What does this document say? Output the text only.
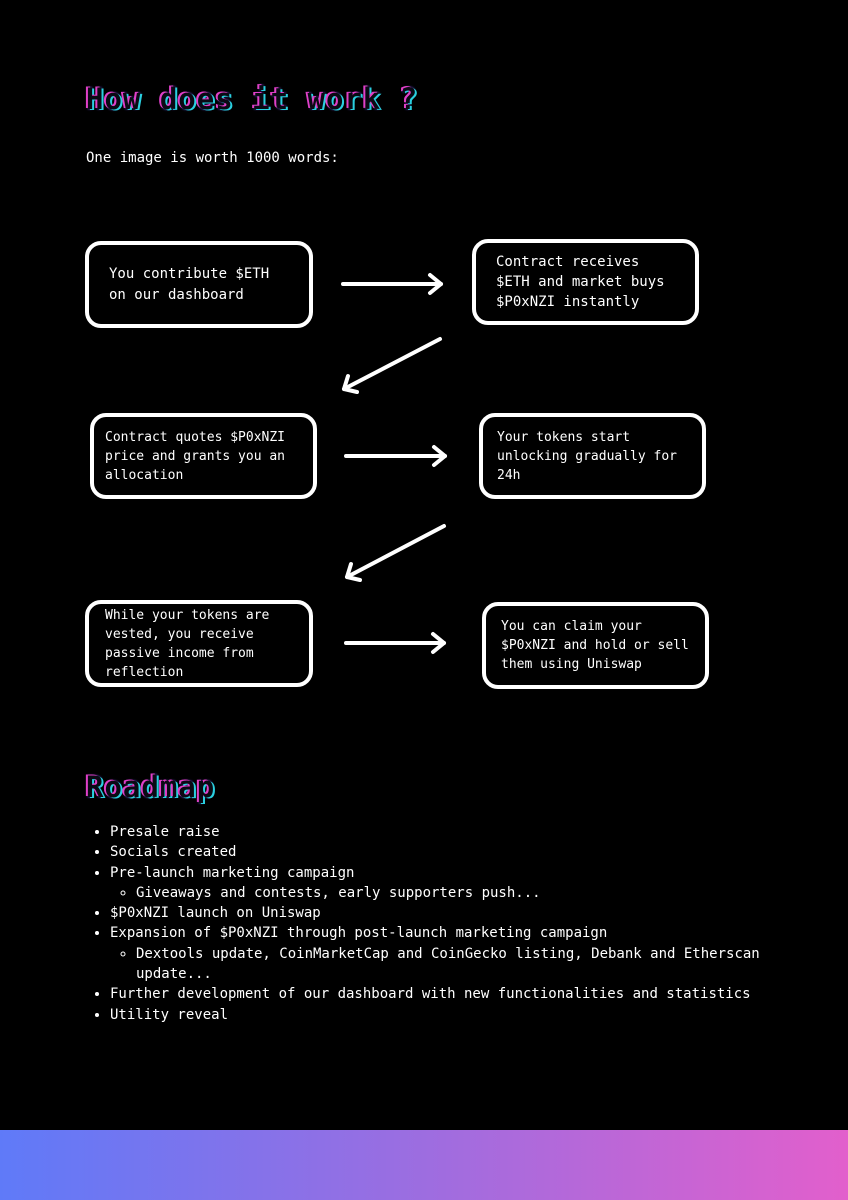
How does it work ?

One image is worth 1000 words:

You contribute $ETH
on our dashboard
Contract receives
$ETH and market buys
$P0xNZI instantly
Contract quotes $P0xNZI
price and grants you an
allocation
Your tokens start
unlocking gradually for
24h
While your tokens are
vested, you receive
passive income from
reflection
You can claim your
$P0xNZI and hold or sell
them using Uniswap
Roadmap
• Presale raise
• Socials created
• Pre-launch marketing campaign
◦ Giveaways and contests, early supporters push...
• $P0xNZI launch on Uniswap
• Expansion of $P0xNZI through post-launch marketing campaign
◦ Dextools update, CoinMarketCap and CoinGecko listing, Debank and Etherscan update...
• Further development of our dashboard with new functionalities and statistics
• Utility reveal
